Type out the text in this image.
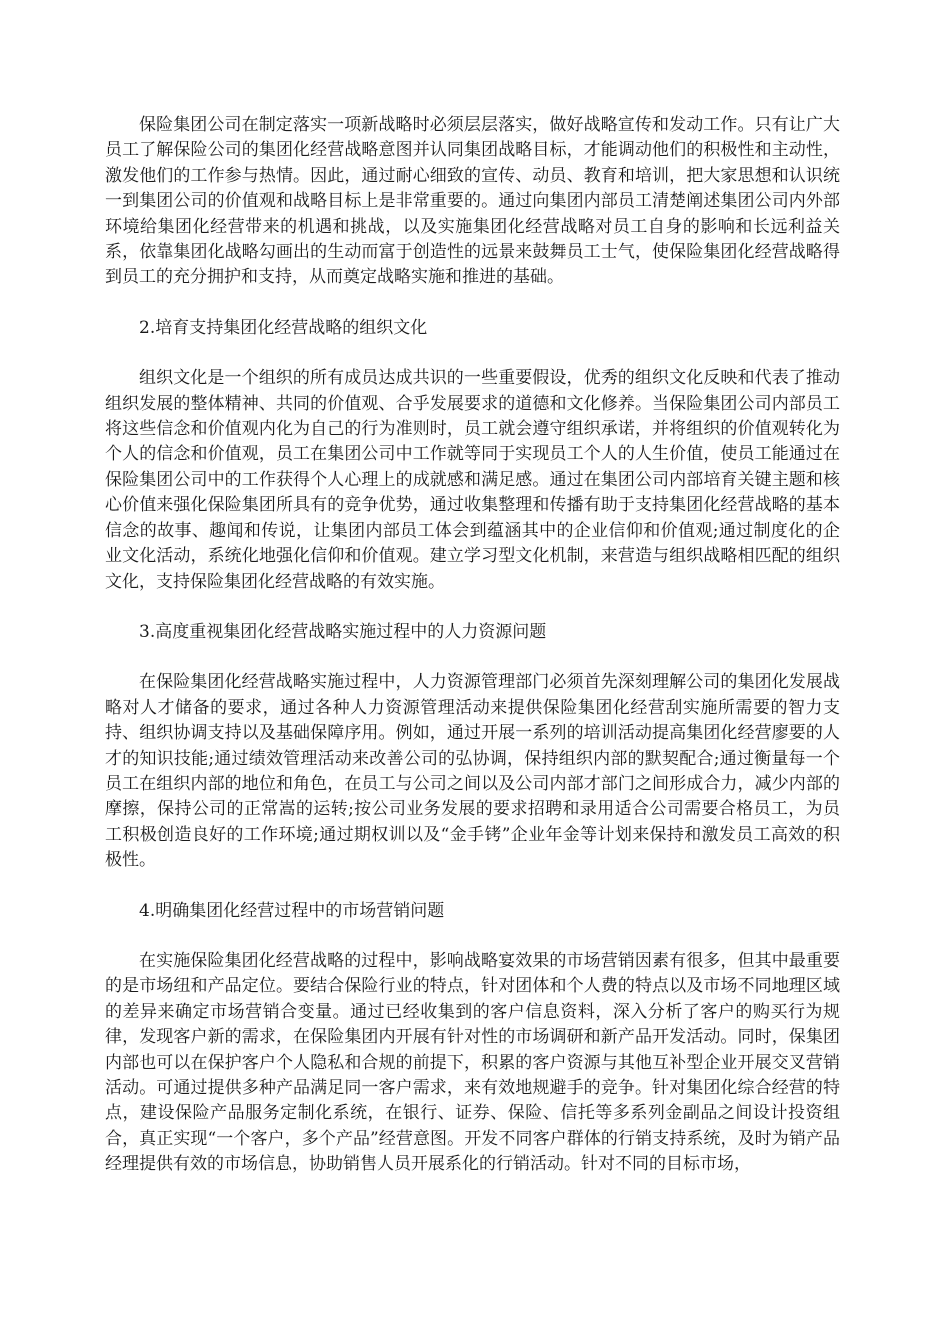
保险集团公司在制定落实一项新战略时必须层层落实，做好战略宣传和发动工作。只有让广大员工了解保险公司的集团化经营战略意图并认同集团战略目标，才能调动他们的积极性和主动性，激发他们的工作参与热情。因此，通过耐心细致的宣传、动员、教育和培训，把大家思想和认识统一到集团公司的价值观和战略目标上是非常重要的。通过向集团内部员工清楚阐述集团公司内外部环境给集团化经营带来的机遇和挑战，以及实施集团化经营战略对员工自身的影响和长远利益关系，依靠集团化战略勾画出的生动而富于创造性的远景来鼓舞员工士气，使保险集团化经营战略得到员工的充分拥护和支持，从而奠定战略实施和推进的基础。

2.培育支持集团化经营战略的组织文化

组织文化是一个组织的所有成员达成共识的一些重要假设，优秀的组织文化反映和代表了推动组织发展的整体精神、共同的价值观、合乎发展要求的道德和文化修养。当保险集团公司内部员工将这些信念和价值观内化为自己的行为准则时，员工就会遵守组织承诺，并将组织的价值观转化为个人的信念和价值观，员工在集团公司中工作就等同于实现员工个人的人生价值，使员工能通过在保险集团公司中的工作获得个人心理上的成就感和满足感。通过在集团公司内部培育关键主题和核心价值来强化保险集团所具有的竞争优势，通过收集整理和传播有助于支持集团化经营战略的基本信念的故事、趣闻和传说，让集团内部员工体会到蕴涵其中的企业信仰和价值观;通过制度化的企业文化活动，系统化地强化信仰和价值观。建立学习型文化机制，来营造与组织战略相匹配的组织文化，支持保险集团化经营战略的有效实施。

3.高度重视集团化经营战略实施过程中的人力资源问题

在保险集团化经营战略实施过程中，人力资源管理部门必须首先深刻理解公司的集团化发展战略对人才储备的要求，通过各种人力资源管理活动来提供保险集团化经营刮实施所需要的智力支持、组织协调支持以及基础保障序用。例如，通过开展一系列的培训活动提高集团化经营廖要的人才的知识技能;通过绩效管理活动来改善公司的弘协调，保持组织内部的默契配合;通过衡量每一个员工在组织内部的地位和角色，在员工与公司之间以及公司内部才部门之间形成合力，减少内部的摩擦，保持公司的正常嵩的运转;按公司业务发展的要求招聘和录用适合公司需要合格员工，为员工积极创造良好的工作环境;通过期权训以及“金手铐”企业年金等计划来保持和激发员工高效的积极性。

4.明确集团化经营过程中的市场营销问题

在实施保险集团化经营战略的过程中，影响战略宴效果的市场营销因素有很多，但其中最重要的是市场纽和产品定位。要结合保险行业的特点，针对团体和个人费的特点以及市场不同地理区域的差异来确定市场营销合变量。通过已经收集到的客户信息资料，深入分析了客户的购买行为规律，发现客户新的需求，在保险集团内开展有针对性的市场调研和新产品开发活动。同时，保集团内部也可以在保护客户个人隐私和合规的前提下，积累的客户资源与其他互补型企业开展交叉营销活动。可通过提供多种产品满足同一客户需求，来有效地规避手的竞争。针对集团化综合经营的特点，建设保险产品服务定制化系统，在银行、证券、保险、信托等多系列金副品之间设计投资组合，真正实现“一个客户，多个产品”经营意图。开发不同客户群体的行销支持系统，及时为销产品经理提供有效的市场信息，协助销售人员开展系化的行销活动。针对不同的目标市场，
